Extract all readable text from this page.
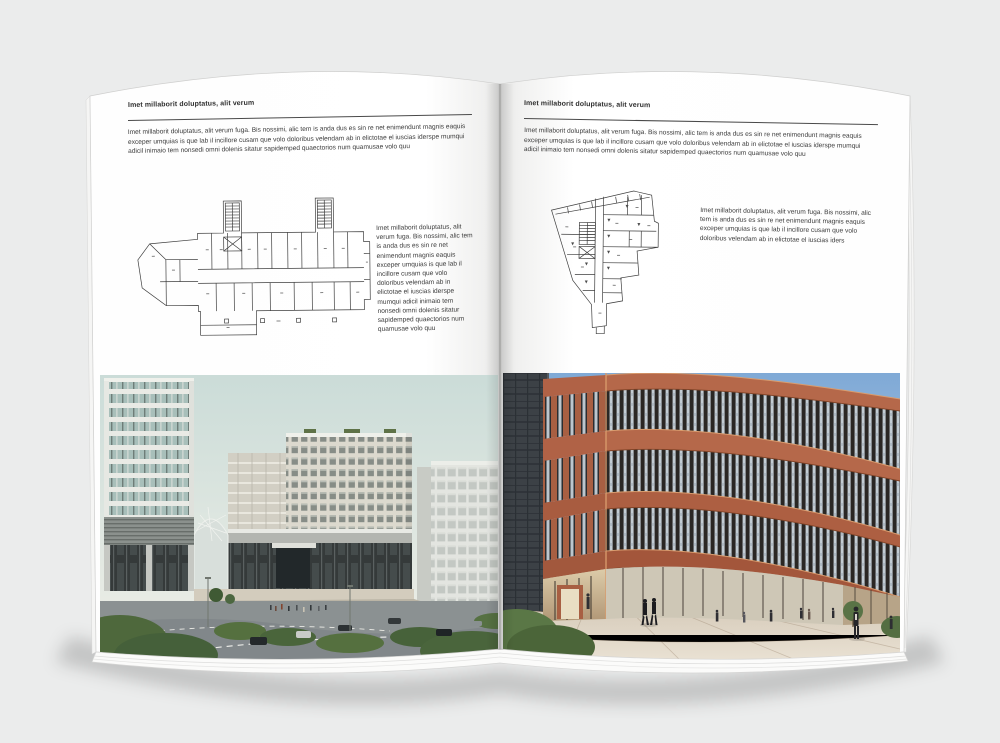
Imet millaborit doluptatus, alit verum

Imet millaborit doluptatus, alit verum fuga. Bis nossimi, alic tem is anda dus es sin re net enimendunt magnis eaquis exceper umquias is que lab il incillore cusam que volo doloribus velendam ab in elictotae el iuscias iderspe mumqui adicil inimaio tem nonsedi omni dolenis sitatur sapidemped quaectorios num quamusae volo quu

Imet millaborit doluptatus, alit verum fuga. Bis nossimi, alic tem is anda dus es sin re net enimendunt magnis eaquis exceper umquias is que lab il incillore cusam que volo doloribus velendam ab in elictotae el iuscias iderspe mumqui adicil inimaio tem nonsedi omni dolenis sitatur sapidemped quaectorios num quamusae volo quu

Imet millaborit doluptatus, alit verum

Imet millaborit doluptatus, alit verum fuga. Bis nossimi, alic tem is anda dus es sin re net enimendunt magnis eaquis exceper umquias is que lab il incillore cusam que volo doloribus velendam ab in elictotae el iuscias iderspe mumqui adicil inimaio tem nonsedi omni dolenis sitatur sapidemped quaectorios num quamusae volo quu

Imet millaborit doluptatus, alit verum fuga. Bis nossimi, alic tem is anda dus es sin re net enimendunt magnis eaquis exceper umquias is que lab il incillore cusam que volo doloribus velendam ab in elictotae el iuscias iders
